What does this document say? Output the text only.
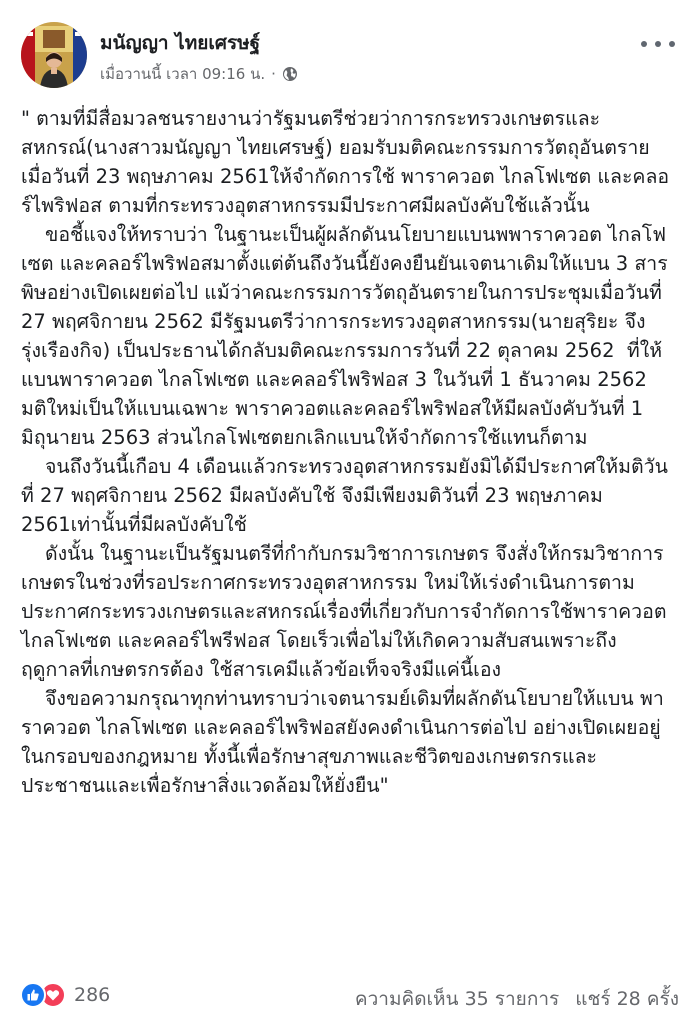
มนัญญา ไทยเศรษฐ์
เมื่อวานนี้ เวลา 09:16 น. ·

" ตามที่มีสื่อมวลชนรายงานว่ารัฐมนตรีช่วยว่าการกระทรวงเกษตรและสหกรณ์(นางสาวมนัญญา ไทยเศรษฐ์) ยอมรับมติคณะกรรมการวัตถุอันตรายเมื่อวันที่ 23 พฤษภาคม 2561ให้จำกัดการใช้ พาราควอต ไกลโฟเซต และคลอร์ไพริฟอส ตามที่กระทรวงอุตสาหกรรมมีประกาศมีผลบังคับใช้แล้วนั้น

ขอชี้แจงให้ทราบว่า ในฐานะเป็นผู้ผลักดันนโยบายแบนพพาราควอต ไกลโฟเซต และคลอร์ไพริฟอสมาตั้งแต่ต้นถึงวันนี้ยังคงยืนยันเจตนาเดิมให้แบน 3 สารพิษอย่างเปิดเผยต่อไป แม้ว่าคณะกรรมการวัตถุอันตรายในการประชุมเมื่อวันที่ 27 พฤศจิกายน 2562 มีรัฐมนตรีว่าการกระทรวงอุตสาหกรรม(นายสุริยะ จึงรุ่งเรืองกิจ) เป็นประธานได้กลับมติคณะกรรมการวันที่ 22 ตุลาคม 2562  ที่ให้แบนพาราควอต ไกลโฟเซต และคลอร์ไพริฟอส 3 ในวันที่ 1 ธันวาคม 2562 มติใหม่เป็นให้แบนเฉพาะ พาราควอตและคลอร์ไพริฟอสให้มีผลบังคับวันที่ 1 มิถุนายน 2563 ส่วนไกลโฟเซตยกเลิกแบนให้จำกัดการใช้แทนก็ตาม

จนถึงวันนี้เกือบ 4 เดือนแล้วกระทรวงอุตสาหกรรมยังมิได้มีประกาศให้มติวันที่ 27 พฤศจิกายน 2562 มีผลบังคับใช้ จึงมีเพียงมติวันที่ 23 พฤษภาคม 2561เท่านั้นที่มีผลบังคับใช้

ดังนั้น ในฐานะเป็นรัฐมนตรีที่กำกับกรมวิชาการเกษตร จึงสั่งให้กรมวิชาการเกษตรในช่วงที่รอประกาศกระทรวงอุตสาหกรรม ใหม่ให้เร่งดำเนินการตามประกาศกระทรวงเกษตรและสหกรณ์เรื่องที่เกี่ยวกับการจำกัดการใช้พาราควอต ไกลโฟเซต และคลอร์ไพรีฟอส โดยเร็วเพื่อไม่ให้เกิดความสับสนเพราะถึงฤดูกาลที่เกษตรกรต้อง ใช้สารเคมีแล้วข้อเท็จจริงมีแค่นี้เอง

จึงขอความกรุณาทุกท่านทราบว่าเจตนารมย์เดิมที่ผลักดันโยบายให้แบน พาราควอต ไกลโฟเซต และคลอร์ไพริฟอสยังคงดำเนินการต่อไป อย่างเปิดเผยอยู่ในกรอบของกฎหมาย ทั้งนี้เพื่อรักษาสุขภาพและชีวิตของเกษตรกรและประชาชนและเพื่อรักษาสิ่งแวดล้อมให้ยั่งยืน"

286	ความคิดเห็น 35 รายการ แชร์ 28 ครั้ง
